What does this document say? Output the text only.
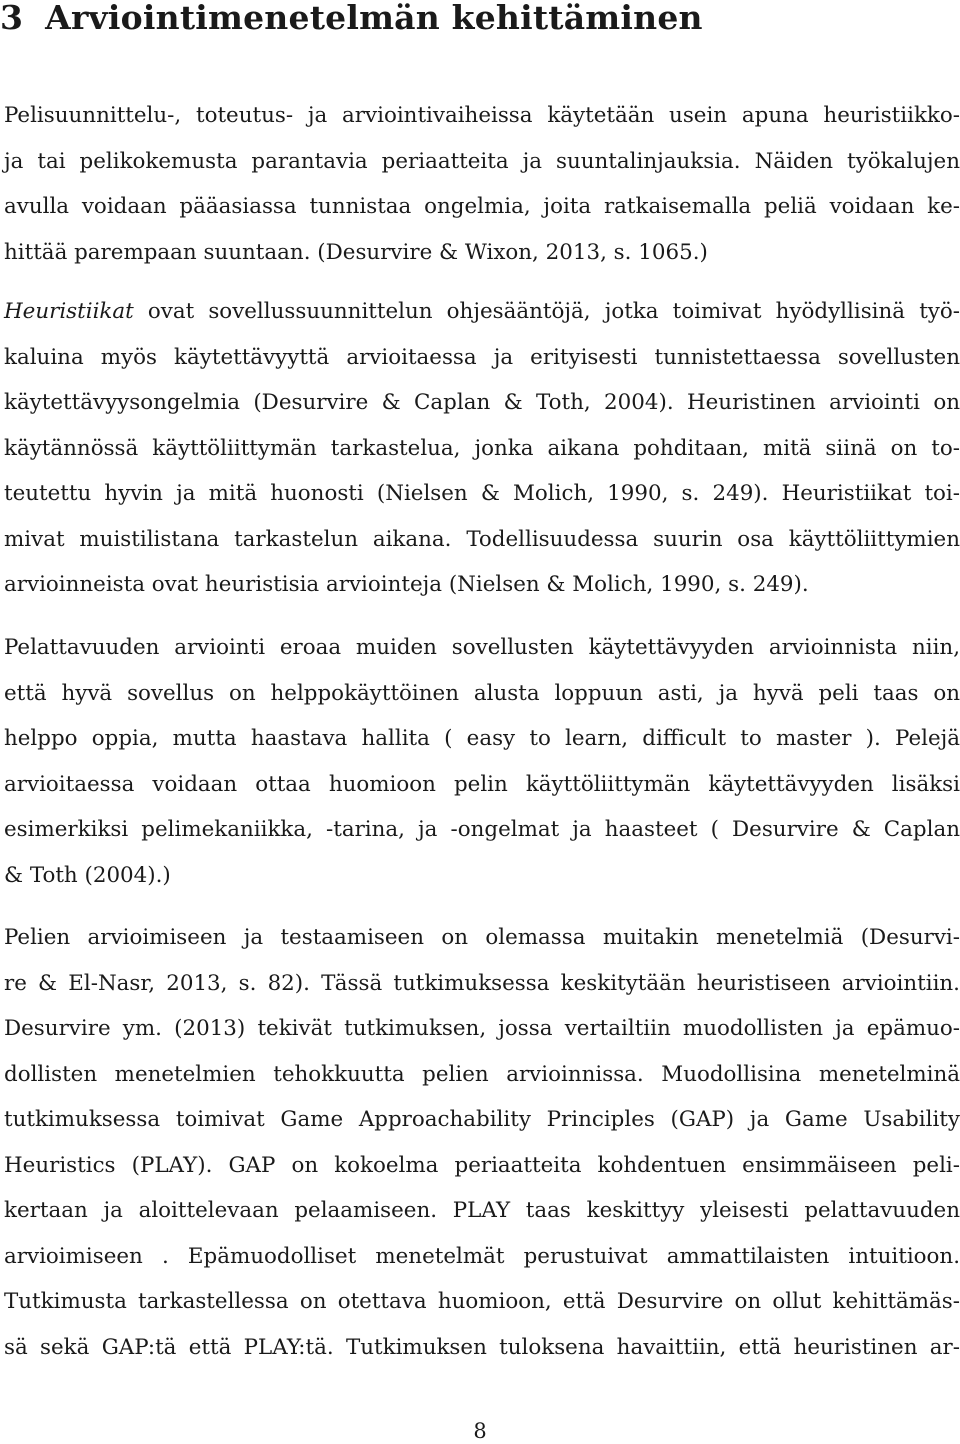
3 Arviointimenetelmän kehittäminen
Pelisuunnittelu-, toteutus- ja arviointivaiheissa käytetään usein apuna heuristiikko-
ja tai pelikokemusta parantavia periaatteita ja suuntalinjauksia. Näiden työkalujen
avulla voidaan pääasiassa tunnistaa ongelmia, joita ratkaisemalla peliä voidaan ke-
hittää parempaan suuntaan. (Desurvire & Wixon, 2013, s. 1065.)
Heuristiikat ovat sovellussuunnittelun ohjesääntöjä, jotka toimivat hyödyllisinä työ-
kaluina myös käytettävyyttä arvioitaessa ja erityisesti tunnistettaessa sovellusten
käytettävyysongelmia (Desurvire & Caplan & Toth, 2004). Heuristinen arviointi on
käytännössä käyttöliittymän tarkastelua, jonka aikana pohditaan, mitä siinä on to-
teutettu hyvin ja mitä huonosti (Nielsen & Molich, 1990, s. 249). Heuristiikat toi-
mivat muistilistana tarkastelun aikana. Todellisuudessa suurin osa käyttöliittymien
arvioinneista ovat heuristisia arviointeja (Nielsen & Molich, 1990, s. 249).
Pelattavuuden arviointi eroaa muiden sovellusten käytettävyyden arvioinnista niin,
että hyvä sovellus on helppokäyttöinen alusta loppuun asti, ja hyvä peli taas on
helppo oppia, mutta haastava hallita ( easy to learn, difficult to master ). Pelejä
arvioitaessa voidaan ottaa huomioon pelin käyttöliittymän käytettävyyden lisäksi
esimerkiksi pelimekaniikka, -tarina, ja -ongelmat ja haasteet ( Desurvire & Caplan
& Toth (2004).)
Pelien arvioimiseen ja testaamiseen on olemassa muitakin menetelmiä (Desurvi-
re & El-Nasr, 2013, s. 82). Tässä tutkimuksessa keskitytään heuristiseen arviointiin.
Desurvire ym. (2013) tekivät tutkimuksen, jossa vertailtiin muodollisten ja epämuo-
dollisten menetelmien tehokkuutta pelien arvioinnissa. Muodollisina menetelminä
tutkimuksessa toimivat Game Approachability Principles (GAP) ja Game Usability
Heuristics (PLAY). GAP on kokoelma periaatteita kohdentuen ensimmäiseen peli-
kertaan ja aloittelevaan pelaamiseen. PLAY taas keskittyy yleisesti pelattavuuden
arvioimiseen . Epämuodolliset menetelmät perustuivat ammattilaisten intuitioon.
Tutkimusta tarkastellessa on otettava huomioon, että Desurvire on ollut kehittämäs-
sä sekä GAP:tä että PLAY:tä. Tutkimuksen tuloksena havaittiin, että heuristinen ar-
8
